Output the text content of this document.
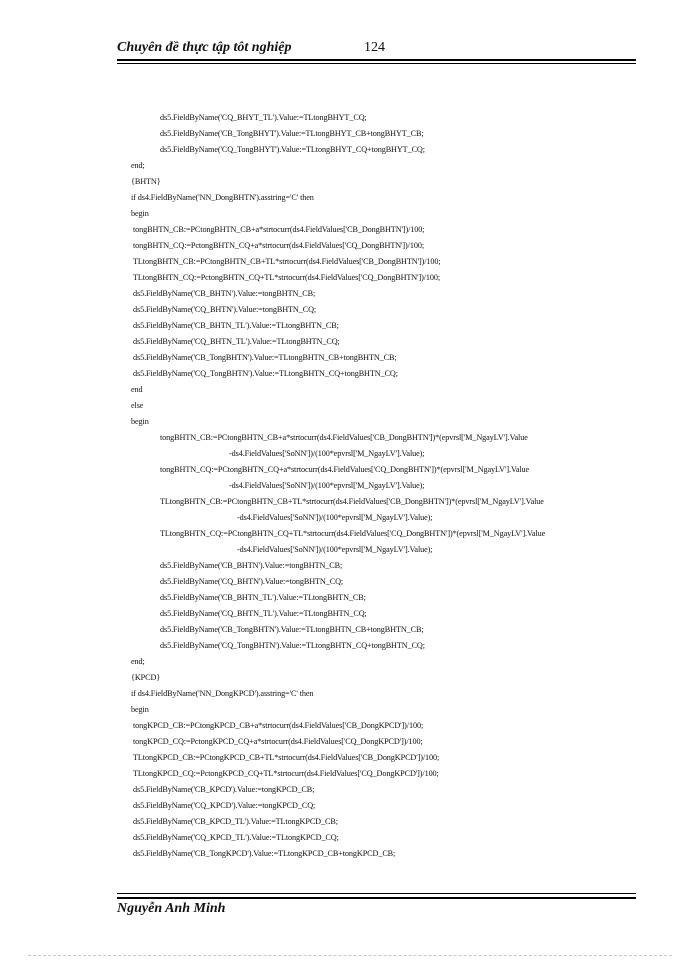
Chuyên đề thực tập tôt nghiệp	124
ds5.FieldByName('CQ_BHYT_TL').Value:=TLtongBHYT_CQ;
ds5.FieldByName('CB_TongBHYT').Value:=TLtongBHYT_CB+tongBHYT_CB;
ds5.FieldByName('CQ_TongBHYT').Value:=TLtongBHYT_CQ+tongBHYT_CQ;
end;
{BHTN}
if ds4.FieldByName('NN_DongBHTN').asstring='C' then
begin
tongBHTN_CB:=PCtongBHTN_CB+a*strtocurr(ds4.FieldValues['CB_DongBHTN'])/100;
tongBHTN_CQ:=PctongBHTN_CQ+a*strtocurr(ds4.FieldValues['CQ_DongBHTN'])/100;
TLtongBHTN_CB:=PCtongBHTN_CB+TL*strtocurr(ds4.FieldValues['CB_DongBHTN'])/100;
TLtongBHTN_CQ:=PctongBHTN_CQ+TL*strtocurr(ds4.FieldValues['CQ_DongBHTN'])/100;
ds5.FieldByName('CB_BHTN').Value:=tongBHTN_CB;
ds5.FieldByName('CQ_BHTN').Value:=tongBHTN_CQ;
ds5.FieldByName('CB_BHTN_TL').Value:=TLtongBHTN_CB;
ds5.FieldByName('CQ_BHTN_TL').Value:=TLtongBHTN_CQ;
ds5.FieldByName('CB_TongBHTN').Value:=TLtongBHTN_CB+tongBHTN_CB;
ds5.FieldByName('CQ_TongBHTN').Value:=TLtongBHTN_CQ+tongBHTN_CQ;
end
else
begin
tongBHTN_CB:=PCtongBHTN_CB+a*strtocurr(ds4.FieldValues['CB_DongBHTN'])*(epvrsl['M_NgayLV'].Value
-ds4.FieldValues['SoNN'])/(100*epvrsl['M_NgayLV'].Value);
tongBHTN_CQ:=PCtongBHTN_CQ+a*strtocurr(ds4.FieldValues['CQ_DongBHTN'])*(epvrsl['M_NgayLV'].Value
-ds4.FieldValues['SoNN'])/(100*epvrsl['M_NgayLV'].Value);
TLtongBHTN_CB:=PCtongBHTN_CB+TL*strtocurr(ds4.FieldValues['CB_DongBHTN'])*(epvrsl['M_NgayLV'].Value
-ds4.FieldValues['SoNN'])/(100*epvrsl['M_NgayLV'].Value);
TLtongBHTN_CQ:=PCtongBHTN_CQ+TL*strtocurr(ds4.FieldValues['CQ_DongBHTN'])*(epvrsl['M_NgayLV'].Value
-ds4.FieldValues['SoNN'])/(100*epvrsl['M_NgayLV'].Value);
ds5.FieldByName('CB_BHTN').Value:=tongBHTN_CB;
ds5.FieldByName('CQ_BHTN').Value:=tongBHTN_CQ;
ds5.FieldByName('CB_BHTN_TL').Value:=TLtongBHTN_CB;
ds5.FieldByName('CQ_BHTN_TL').Value:=TLtongBHTN_CQ;
ds5.FieldByName('CB_TongBHTN').Value:=TLtongBHTN_CB+tongBHTN_CB;
ds5.FieldByName('CQ_TongBHTN').Value:=TLtongBHTN_CQ+tongBHTN_CQ;
end;
{KPCD}
if ds4.FieldByName('NN_DongKPCD').asstring='C' then
begin
tongKPCD_CB:=PCtongKPCD_CB+a*strtocurr(ds4.FieldValues['CB_DongKPCD'])/100;
tongKPCD_CQ:=PctongKPCD_CQ+a*strtocurr(ds4.FieldValues['CQ_DongKPCD'])/100;
TLtongKPCD_CB:=PCtongKPCD_CB+TL*strtocurr(ds4.FieldValues['CB_DongKPCD'])/100;
TLtongKPCD_CQ:=PctongKPCD_CQ+TL*strtocurr(ds4.FieldValues['CQ_DongKPCD'])/100;
ds5.FieldByName('CB_KPCD').Value:=tongKPCD_CB;
ds5.FieldByName('CQ_KPCD').Value:=tongKPCD_CQ;
ds5.FieldByName('CB_KPCD_TL').Value:=TLtongKPCD_CB;
ds5.FieldByName('CQ_KPCD_TL').Value:=TLtongKPCD_CQ;
ds5.FieldByName('CB_TongKPCD').Value:=TLtongKPCD_CB+tongKPCD_CB;
Nguyễn Anh Minh
